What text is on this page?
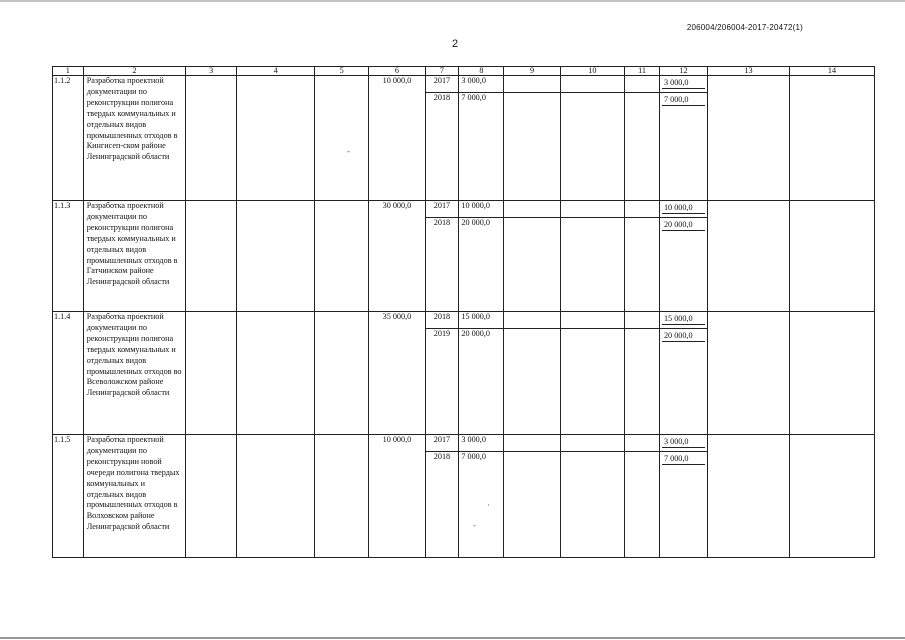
206004/206004-2017-20472(1)
2
-
-
·
1	2	3	4	5	6	7	8	9	10	11	12	13	14
1.1.2	Разработка проектной документации по реконструкции полигона твердых коммунальных и отдельных видов промышленных отходов в Кингисеп-ском районе Ленинградской области				10 000,0	2017	3 000,0				3 000,0		

						2018	7 000,0				7 000,0		

1.1.3	Разработка проектной документации по реконструкции полигона твердых коммунальных и отдельных видов промышленных отходов в Гатчинском районе Ленинградской области				30 000,0	2017	10 000,0				10 000,0		

						2018	20 000,0				20 000,0		

1.1.4	Разработка проектной документации по реконструкции полигона твердых коммунальных и отдельных видов промышленных отходов во Всеволожском районе Ленинградской области				35 000,0	2018	15 000,0				15 000,0		

						2019	20 000,0				20 000,0		

1.1.5	Разработка проектной документации по реконструкции новой очереди полигона твердых коммунальных и отдельных видов промышленных отходов в Волховском районе Ленинградской области				10 000,0	2017	3 000,0				3 000,0		

						2018	7 000,0				7 000,0		
